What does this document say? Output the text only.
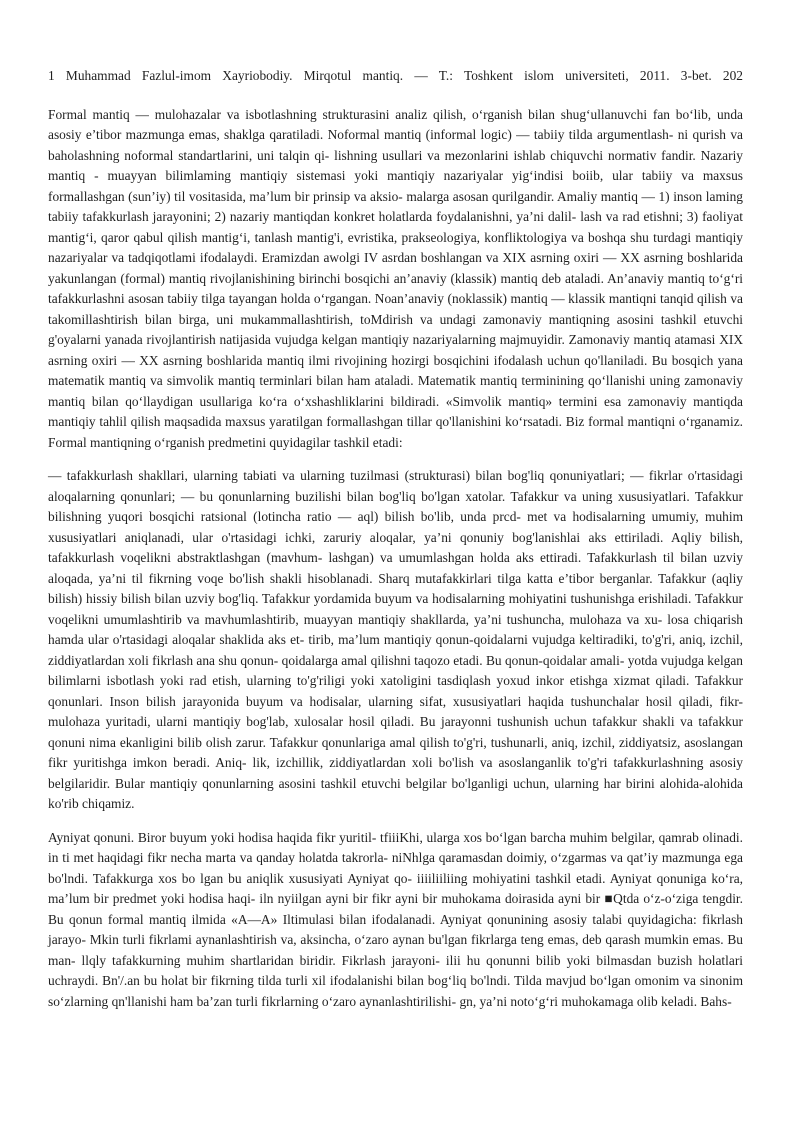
1 Muhammad Fazlul-imom Xayriobodiy. Mirqotul mantiq. — T.: Toshkent islom universiteti, 2011. 3-bet. 202

Formal mantiq — mulohazalar va isbotlashning strukturasini analiz qilish, o‘rganish bilan shug‘ullanuvchi fan bo‘lib, unda asosiy e’tibor mazmunga emas, shaklga qaratiladi. Noformal mantiq (informal logic) — tabiiy tilda argumentlash- ni qurish va baholashning noformal standartlarini, uni talqin qi- lishning usullari va mezonlarini ishlab chiquvchi normativ fandir. Nazariy mantiq - muayyan bilimlaming mantiqiy sistemasi yoki mantiqiy nazariyalar yig‘indisi boiib, ular tabiiy va maxsus formallashgan (sun’iy) til vositasida, ma’lum bir prinsip va aksio- malarga asosan qurilgandir. Amaliy mantiq — 1) inson laming tabiiy tafakkurlash jarayonini; 2) nazariy mantiqdan konkret holatlarda foydalanishni, ya’ni dalil- lash va rad etishni; 3) faoliyat mantig‘i, qaror qabul qilish mantig‘i, tanlash mantig'i, evristika, prakseologiya, konfliktologiya va boshqa shu turdagi mantiqiy nazariyalar va tadqiqotlami ifodalaydi. Eramizdan awolgi IV asrdan boshlangan va XIX asrning oxiri — XX asrning boshlarida yakunlangan (formal) mantiq rivojlanishining birinchi bosqichi an’anaviy (klassik) mantiq deb ataladi. An’anaviy mantiq to‘g‘ri tafakkurlashni asosan tabiiy tilga tayangan holda o‘rgangan. Noan’anaviy (noklassik) mantiq — klassik mantiqni tanqid qilish va takomillashtirish bilan birga, uni mukammallashtirish, toMdirish va undagi zamonaviy mantiqning asosini tashkil etuvchi g'oyalarni yanada rivojlantirish natijasida vujudga kelgan mantiqiy nazariyalarning majmuyidir. Zamonaviy mantiq atamasi XIX asrning oxiri — XX asrning boshlarida mantiq ilmi rivojining hozirgi bosqichini ifodalash uchun qo'llaniladi. Bu bosqich yana matematik mantiq va simvolik mantiq terminlari bilan ham ataladi. Matematik mantiq terminining qo‘llanishi uning zamonaviy mantiq bilan qo‘llaydigan usullariga ko‘ra o‘xshashliklarini bildiradi. «Simvolik mantiq» termini esa zamonaviy mantiqda mantiqiy tahlil qilish maqsadida maxsus yaratilgan formallashgan tillar qo'llanishini ko‘rsatadi. Biz formal mantiqni o‘rganamiz. Formal mantiqning o‘rganish predmetini quyidagilar tashkil etadi:

— tafakkurlash shakllari, ularning tabiati va ularning tuzilmasi (strukturasi) bilan bog'liq qonuniyatlari; — fikrlar o'rtasidagi aloqalarning qonunlari; — bu qonunlarning buzilishi bilan bog'liq bo'lgan xatolar. Tafakkur va uning xususiyatlari. Tafakkur bilishning yuqori bosqichi ratsional (lotincha ratio — aql) bilish bo'lib, unda prcd- met va hodisalarning umumiy, muhim xususiyatlari aniqlanadi, ular o'rtasidagi ichki, zaruriy aloqalar, ya’ni qonuniy bog'lanishlai aks ettiriladi. Aqliy bilish, tafakkurlash voqelikni abstraktlashgan (mavhum- lashgan) va umumlashgan holda aks ettiradi. Tafakkurlash til bilan uzviy aloqada, ya’ni til fikrning voqe bo'lish shakli hisoblanadi. Sharq mutafakkirlari tilga katta e’tibor berganlar. Tafakkur (aqliy bilish) hissiy bilish bilan uzviy bog'liq. Tafakkur yordamida buyum va hodisalarning mohiyatini tushunishga erishiladi. Tafakkur voqelikni umumlashtirib va mavhumlashtirib, muayyan mantiqiy shakllarda, ya’ni tushuncha, mulohaza va xu- losa chiqarish hamda ular o'rtasidagi aloqalar shaklida aks et- tirib, ma’lum mantiqiy qonun-qoidalarni vujudga keltiradiki, to'g'ri, aniq, izchil, ziddiyatlardan xoli fikrlash ana shu qonun- qoidalarga amal qilishni taqozo etadi. Bu qonun-qoidalar amali- yotda vujudga kelgan bilimlarni isbotlash yoki rad etish, ularning to'g'riligi yoki xatoligini tasdiqlash yoxud inkor etishga xizmat qiladi. Tafakkur qonunlari. Inson bilish jarayonida buyum va hodisalar, ularning sifat, xususiyatlari haqida tushunchalar hosil qiladi, fikr-mulohaza yuritadi, ularni mantiqiy bog'lab, xulosalar hosil qiladi. Bu jarayonni tushunish uchun tafakkur shakli va tafakkur qonuni nima ekanligini bilib olish zarur. Tafakkur qonunlariga amal qilish to'g'ri, tushunarli, aniq, izchil, ziddiyatsiz, asoslangan fikr yuritishga imkon beradi. Aniq- lik, izchillik, ziddiyatlardan xoli bo'lish va asoslanganlik to'g'ri tafakkurlashning asosiy belgilaridir. Bular mantiqiy qonunlarning asosini tashkil etuvchi belgilar bo'lganligi uchun, ularning har birini alohida-alohida ko'rib chiqamiz.

Ayniyat qonuni. Biror buyum yoki hodisa haqida fikr yuritil- tfiiiKhi, ularga xos bo‘lgan barcha muhim belgilar, qamrab olinadi. in ti met haqidagi fikr necha marta va qanday holatda takrorla- niNhlga qaramasdan doimiy, o‘zgarmas va qat’iy mazmunga ega bo'lndi. Tafakkurga xos bo lgan bu aniqlik xususiyati Ayniyat qo- iiiiliiliing mohiyatini tashkil etadi. Ayniyat qonuniga ko‘ra, ma’lum bir predmet yoki hodisa haqi- iln nyiilgan ayni bir fikr ayni bir muhokama doirasida ayni bir ■Qtda o‘z-o‘ziga tengdir. Bu qonun formal mantiq ilmida «A—A» Iltimulasi bilan ifodalanadi. Ayniyat qonunining asosiy talabi quyidagicha: fikrlash jarayo- Mkin turli fikrlami aynanlashtirish va, aksincha, o‘zaro aynan bu'lgan fikrlarga teng emas, deb qarash mumkin emas. Bu man- llqly tafakkurning muhim shartlaridan biridir. Fikrlash jarayoni- ilii hu qonunni bilib yoki bilmasdan buzish holatlari uchraydi. Bn'/.an bu holat bir fikrning tilda turli xil ifodalanishi bilan bog‘liq bo'lndi. Tilda mavjud bo‘lgan omonim va sinonim so‘zlarning qn'llanishi ham ba’zan turli fikrlarning o‘zaro aynanlashtirilishi- gn, ya’ni noto‘g‘ri muhokamaga olib keladi. Bahs-
